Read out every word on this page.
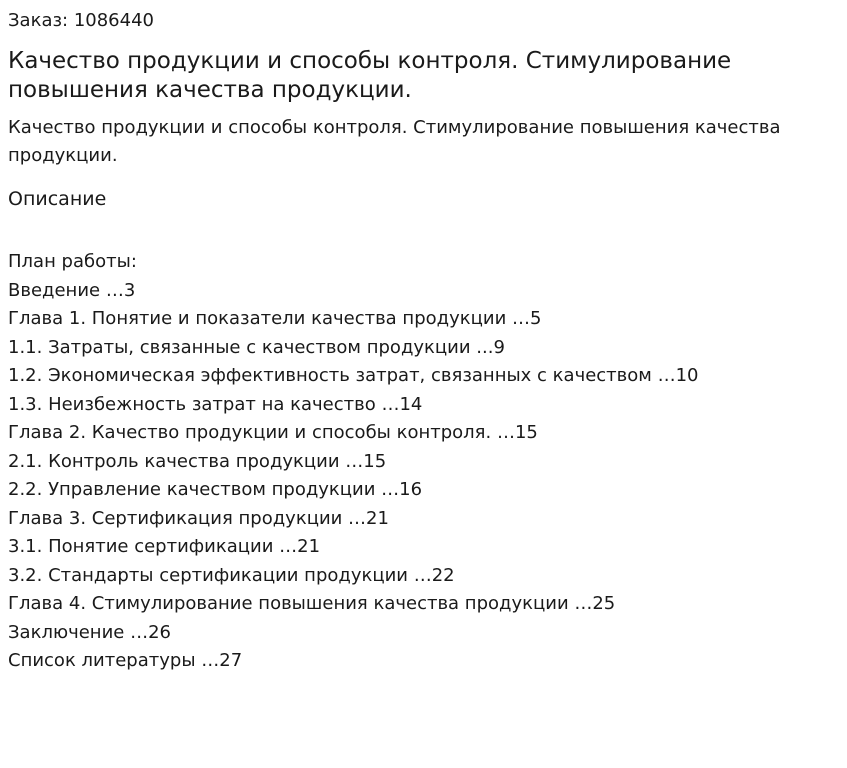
Заказ: 1086440
Качество продукции и способы контроля. Стимулирование повышения качества продукции.

Качество продукции и способы контроля. Стимулирование повышения качества продукции.

Описание
План работы:
Введение …3
Глава 1. Понятие и показатели качества продукции …5
1.1. Затраты, связанные с качеством продукции ...9
1.2. Экономическая эффективность затрат, связанных с качеством …10
1.3. Неизбежность затрат на качество …14
Глава 2. Качество продукции и способы контроля. …15
2.1. Контроль качества продукции …15
2.2. Управление качеством продукции …16
Глава 3. Сертификация продукции …21
3.1. Понятие сертификации …21
3.2. Стандарты сертификации продукции …22
Глава 4. Стимулирование повышения качества продукции …25
Заключение …26
Список литературы …27
